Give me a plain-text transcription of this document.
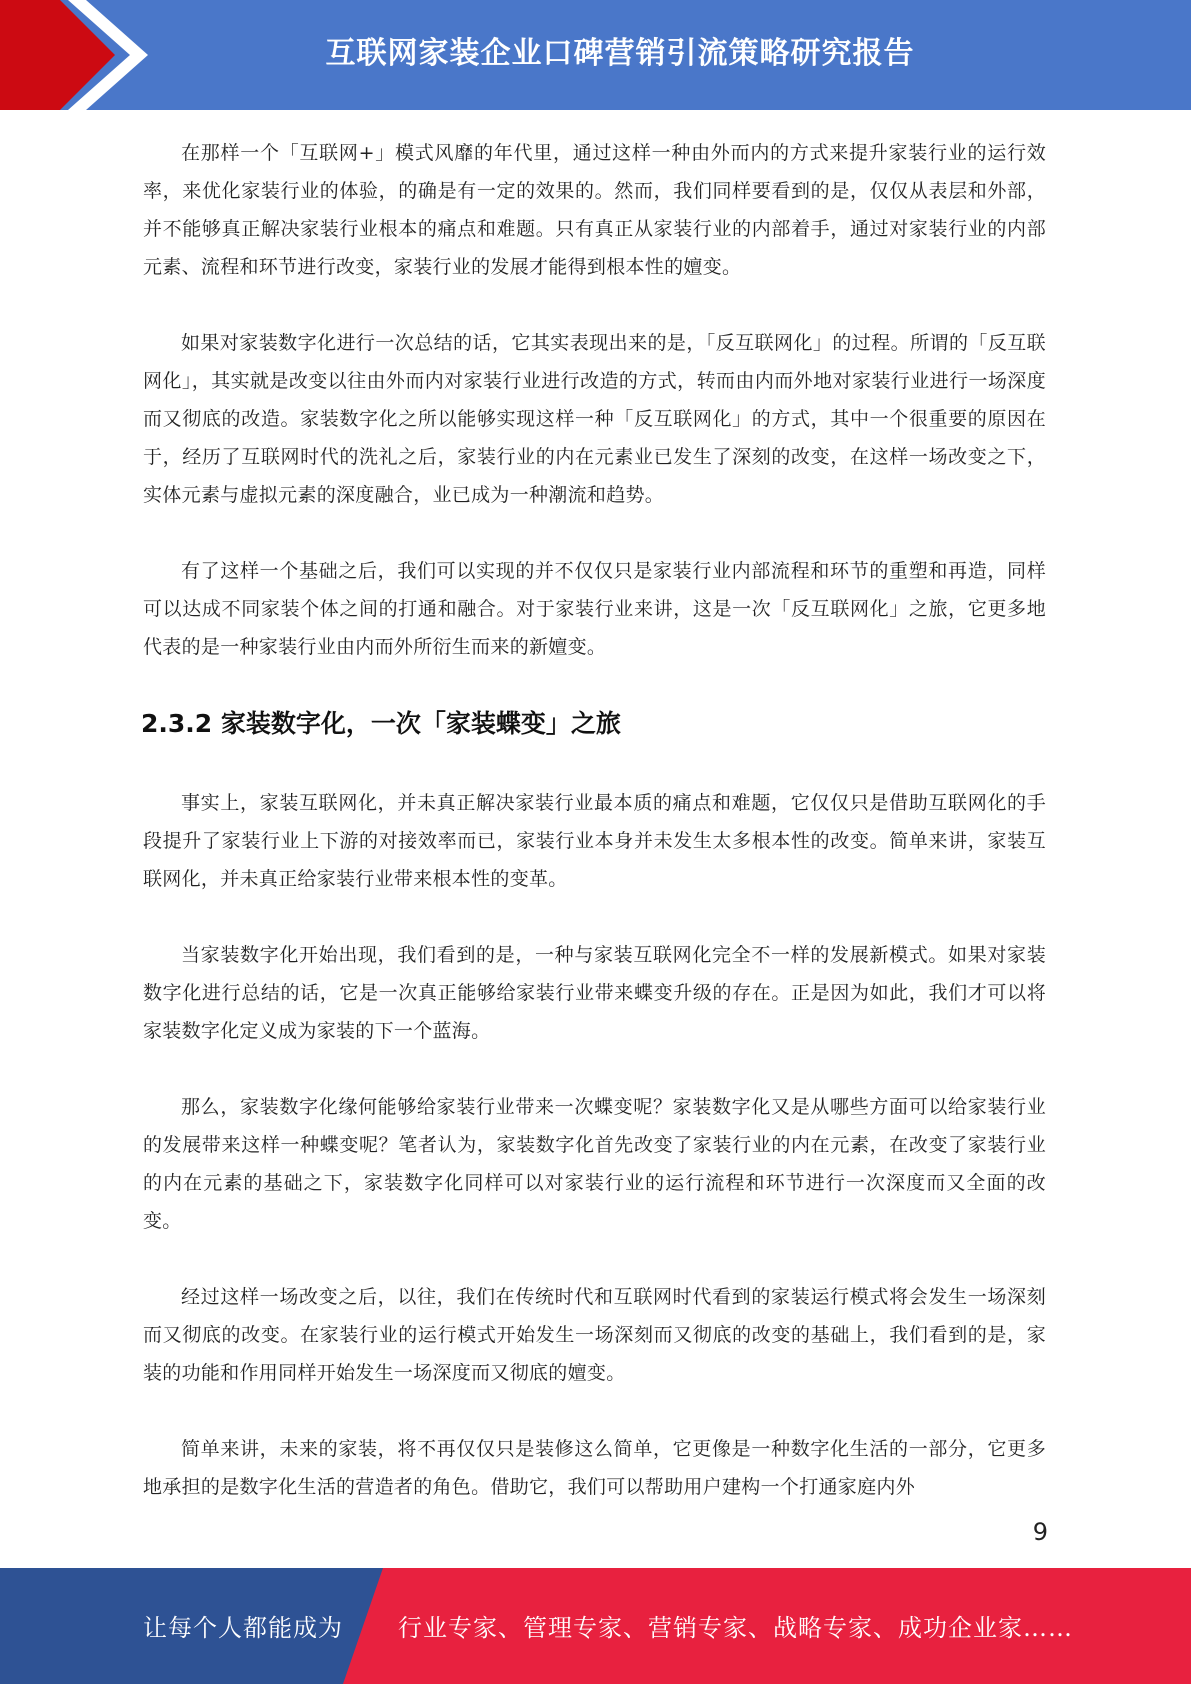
互联网家装企业口碑营销引流策略研究报告

在那样一个「互联网+」模式风靡的年代里，通过这样一种由外而内的方式来提升家装行业的运行效率，来优化家装行业的体验，的确是有一定的效果的。然而，我们同样要看到的是，仅仅从表层和外部，并不能够真正解决家装行业根本的痛点和难题。只有真正从家装行业的内部着手，通过对家装行业的内部元素、流程和环节进行改变，家装行业的发展才能得到根本性的嬗变。

如果对家装数字化进行一次总结的话，它其实表现出来的是，「反互联网化」的过程。所谓的「反互联网化」，其实就是改变以往由外而内对家装行业进行改造的方式，转而由内而外地对家装行业进行一场深度而又彻底的改造。家装数字化之所以能够实现这样一种「反互联网化」的方式，其中一个很重要的原因在于，经历了互联网时代的洗礼之后，家装行业的内在元素业已发生了深刻的改变，在这样一场改变之下，实体元素与虚拟元素的深度融合，业已成为一种潮流和趋势。

有了这样一个基础之后，我们可以实现的并不仅仅只是家装行业内部流程和环节的重塑和再造，同样可以达成不同家装个体之间的打通和融合。对于家装行业来讲，这是一次「反互联网化」之旅，它更多地代表的是一种家装行业由内而外所衍生而来的新嬗变。

2.3.2 家装数字化，一次「家装蝶变」之旅

事实上，家装互联网化，并未真正解决家装行业最本质的痛点和难题，它仅仅只是借助互联网化的手段提升了家装行业上下游的对接效率而已，家装行业本身并未发生太多根本性的改变。简单来讲，家装互联网化，并未真正给家装行业带来根本性的变革。

当家装数字化开始出现，我们看到的是，一种与家装互联网化完全不一样的发展新模式。如果对家装数字化进行总结的话，它是一次真正能够给家装行业带来蝶变升级的存在。正是因为如此，我们才可以将家装数字化定义成为家装的下一个蓝海。

那么，家装数字化缘何能够给家装行业带来一次蝶变呢？家装数字化又是从哪些方面可以给家装行业的发展带来这样一种蝶变呢？笔者认为，家装数字化首先改变了家装行业的内在元素，在改变了家装行业的内在元素的基础之下，家装数字化同样可以对家装行业的运行流程和环节进行一次深度而又全面的改变。

经过这样一场改变之后，以往，我们在传统时代和互联网时代看到的家装运行模式将会发生一场深刻而又彻底的改变。在家装行业的运行模式开始发生一场深刻而又彻底的改变的基础上，我们看到的是，家装的功能和作用同样开始发生一场深度而又彻底的嬗变。

简单来讲，未来的家装，将不再仅仅只是装修这么简单，它更像是一种数字化生活的一部分，它更多地承担的是数字化生活的营造者的角色。借助它，我们可以帮助用户建构一个打通家庭内外

9
让每个人都能成为 行业专家、管理专家、营销专家、战略专家、成功企业家……
